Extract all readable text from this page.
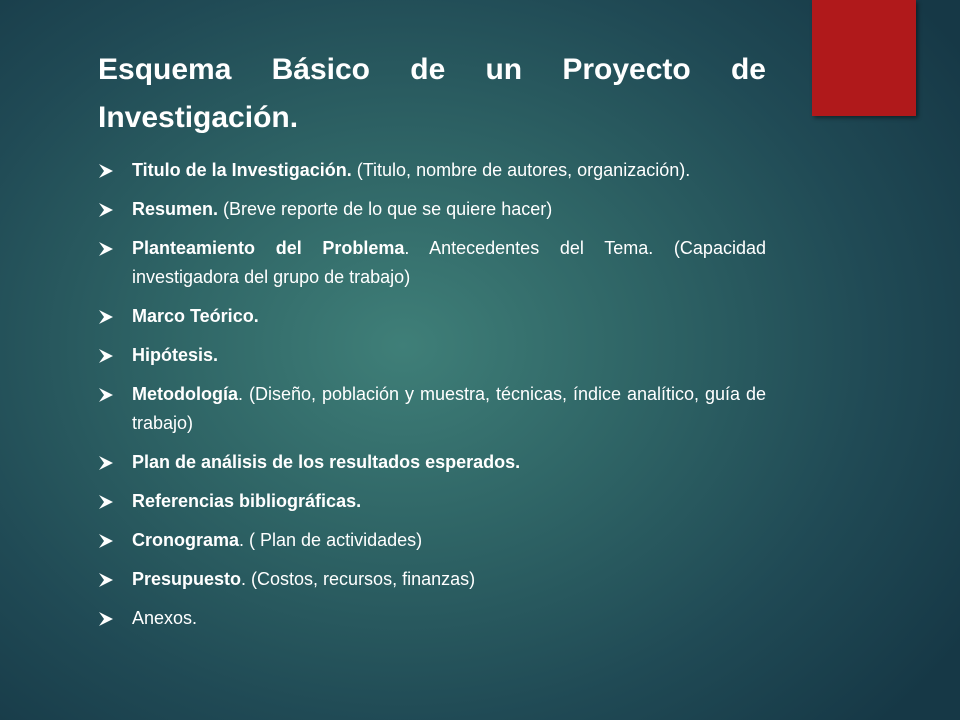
Esquema Básico de un Proyecto de Investigación.
Titulo de la Investigación. (Titulo, nombre de autores, organización).
Resumen. (Breve reporte de lo que se quiere hacer)
Planteamiento del Problema. Antecedentes del Tema. (Capacidad investigadora del grupo de trabajo)
Marco Teórico.
Hipótesis.
Metodología. (Diseño, población y muestra, técnicas, índice analítico, guía de trabajo)
Plan de análisis de los resultados esperados.
Referencias bibliográficas.
Cronograma. ( Plan de actividades)
Presupuesto. (Costos, recursos, finanzas)
Anexos.
